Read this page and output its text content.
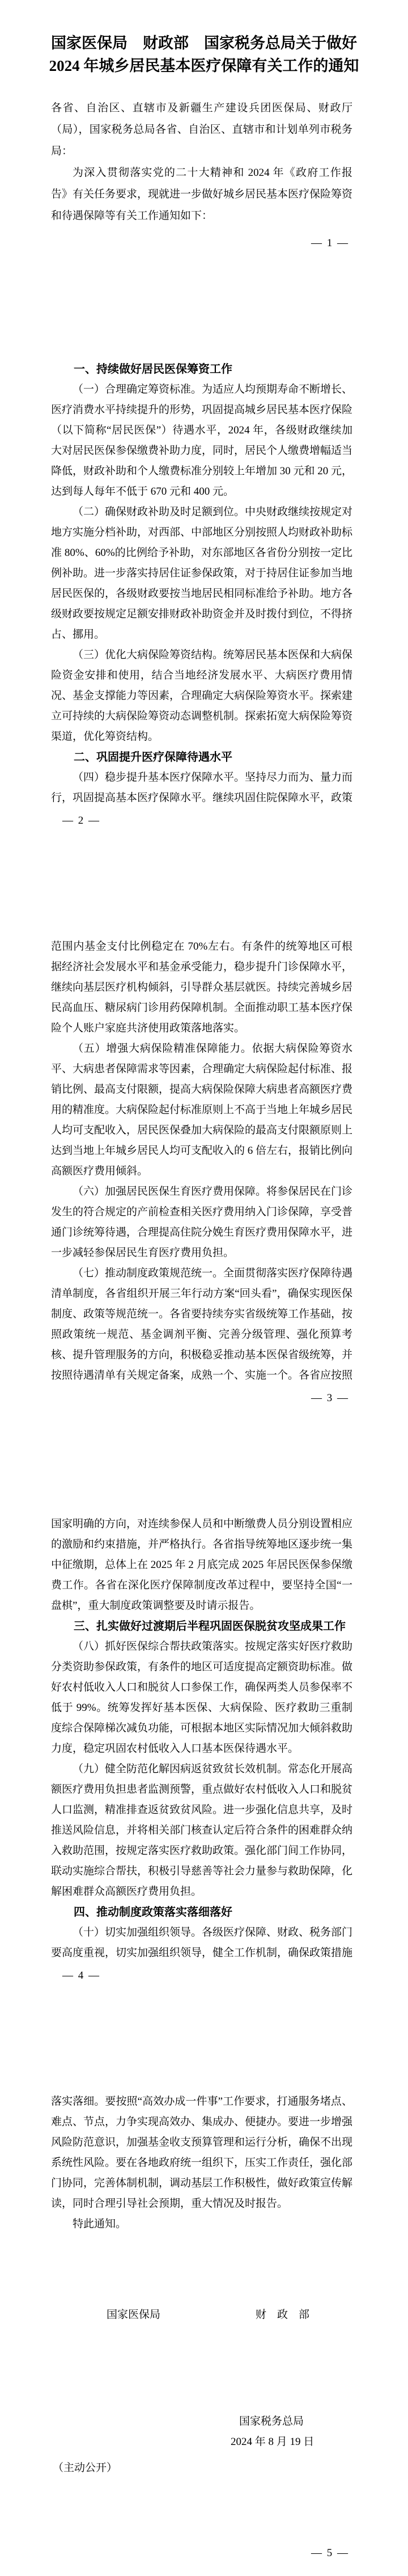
国家医保局　财政部　国家税务总局关于做好
2024 年城乡居民基本医疗保障有关工作的通知

各省、自治区、直辖市及新疆生产建设兵团医保局、财政厅（局），国家税务总局各省、自治区、直辖市和计划单列市税务局：

为深入贯彻落实党的二十大精神和 2024 年《政府工作报告》有关任务要求，现就进一步做好城乡居民基本医疗保险筹资和待遇保障等有关工作通知如下：

— 1 —
一、持续做好居民医保筹资工作

（一）合理确定筹资标准。为适应人均预期寿命不断增长、医疗消费水平持续提升的形势，巩固提高城乡居民基本医疗保险（以下简称“居民医保”）待遇水平，2024 年，各级财政继续加大对居民医保参保缴费补助力度，同时，居民个人缴费增幅适当降低，财政补助和个人缴费标准分别较上年增加 30 元和 20 元，达到每人每年不低于 670 元和 400 元。

（二）确保财政补助及时足额到位。中央财政继续按规定对地方实施分档补助，对西部、中部地区分别按照人均财政补助标准 80%、60%的比例给予补助，对东部地区各省份分别按一定比例补助。进一步落实持居住证参保政策，对于持居住证参加当地居民医保的，各级财政要按当地居民相同标准给予补助。地方各级财政要按规定足额安排财政补助资金并及时拨付到位，不得挤占、挪用。

（三）优化大病保险筹资结构。统筹居民基本医保和大病保险资金安排和使用，结合当地经济发展水平、大病医疗费用情况、基金支撑能力等因素，合理确定大病保险筹资水平。探索建立可持续的大病保险筹资动态调整机制。探索拓宽大病保险筹资渠道，优化筹资结构。

二、巩固提升医疗保障待遇水平

（四）稳步提升基本医疗保障水平。坚持尽力而为、量力而行，巩固提高基本医疗保障水平。继续巩固住院保障水平，政策

— 2 —

范围内基金支付比例稳定在 70%左右。有条件的统筹地区可根据经济社会发展水平和基金承受能力，稳步提升门诊保障水平，继续向基层医疗机构倾斜，引导群众基层就医。持续完善城乡居民高血压、糖尿病门诊用药保障机制。全面推动职工基本医疗保险个人账户家庭共济使用政策落地落实。

（五）增强大病保险精准保障能力。依据大病保险筹资水平、大病患者保障需求等因素，合理确定大病保险起付标准、报销比例、最高支付限额，提高大病保险保障大病患者高额医疗费用的精准度。大病保险起付标准原则上不高于当地上年城乡居民人均可支配收入，居民医保叠加大病保险的最高支付限额原则上达到当地上年城乡居民人均可支配收入的 6 倍左右，报销比例向高额医疗费用倾斜。

（六）加强居民医保生育医疗费用保障。将参保居民在门诊发生的符合规定的产前检查相关医疗费用纳入门诊保障，享受普通门诊统筹待遇，合理提高住院分娩生育医疗费用保障水平，进一步减轻参保居民生育医疗费用负担。

（七）推动制度政策规范统一。全面贯彻落实医疗保障待遇清单制度，各省组织开展三年行动方案“回头看”，确保实现医保制度、政策等规范统一。各省要持续夯实省级统筹工作基础，按照政策统一规范、基金调剂平衡、完善分级管理、强化预算考核、提升管理服务的方向，积极稳妥推动基本医保省级统筹，并按照待遇清单有关规定备案，成熟一个、实施一个。各省应按照

— 3 —

国家明确的方向，对连续参保人员和中断缴费人员分别设置相应的激励和约束措施，并严格执行。各省指导统筹地区逐步统一集中征缴期，总体上在 2025 年 2 月底完成 2025 年居民医保参保缴费工作。各省在深化医疗保障制度改革过程中，要坚持全国“一盘棋”，重大制度政策调整要及时请示报告。

三、扎实做好过渡期后半程巩固医保脱贫攻坚成果工作

（八）抓好医保综合帮扶政策落实。按规定落实好医疗救助分类资助参保政策，有条件的地区可适度提高定额资助标准。做好农村低收入人口和脱贫人口参保工作，确保两类人员参保率不低于 99%。统筹发挥好基本医保、大病保险、医疗救助三重制度综合保障梯次减负功能，可根据本地区实际情况加大倾斜救助力度，稳定巩固农村低收入人口基本医保待遇水平。

（九）健全防范化解因病返贫致贫长效机制。常态化开展高额医疗费用负担患者监测预警，重点做好农村低收入人口和脱贫人口监测，精准排查返贫致贫风险。进一步强化信息共享，及时推送风险信息，并将相关部门核查认定后符合条件的困难群众纳入救助范围，按规定落实医疗救助政策。强化部门间工作协同，联动实施综合帮扶，积极引导慈善等社会力量参与救助保障，化解困难群众高额医疗费用负担。

四、推动制度政策落实落细落好

（十）切实加强组织领导。各级医疗保障、财政、税务部门要高度重视，切实加强组织领导，健全工作机制，确保政策措施

— 4 —

落实落细。要按照“高效办成一件事”工作要求，打通服务堵点、难点、节点，力争实现高效办、集成办、便捷办。要进一步增强风险防范意识，加强基金收支预算管理和运行分析，确保不出现系统性风险。要在各地政府统一组织下，压实工作责任，强化部门协同，完善体制机制，调动基层工作积极性，做好政策宣传解读，同时合理引导社会预期，重大情况及时报告。

特此通知。

国家医保局	财　政　部

国家税务总局

2024 年 8 月 19 日

（主动公开）

— 5 —
